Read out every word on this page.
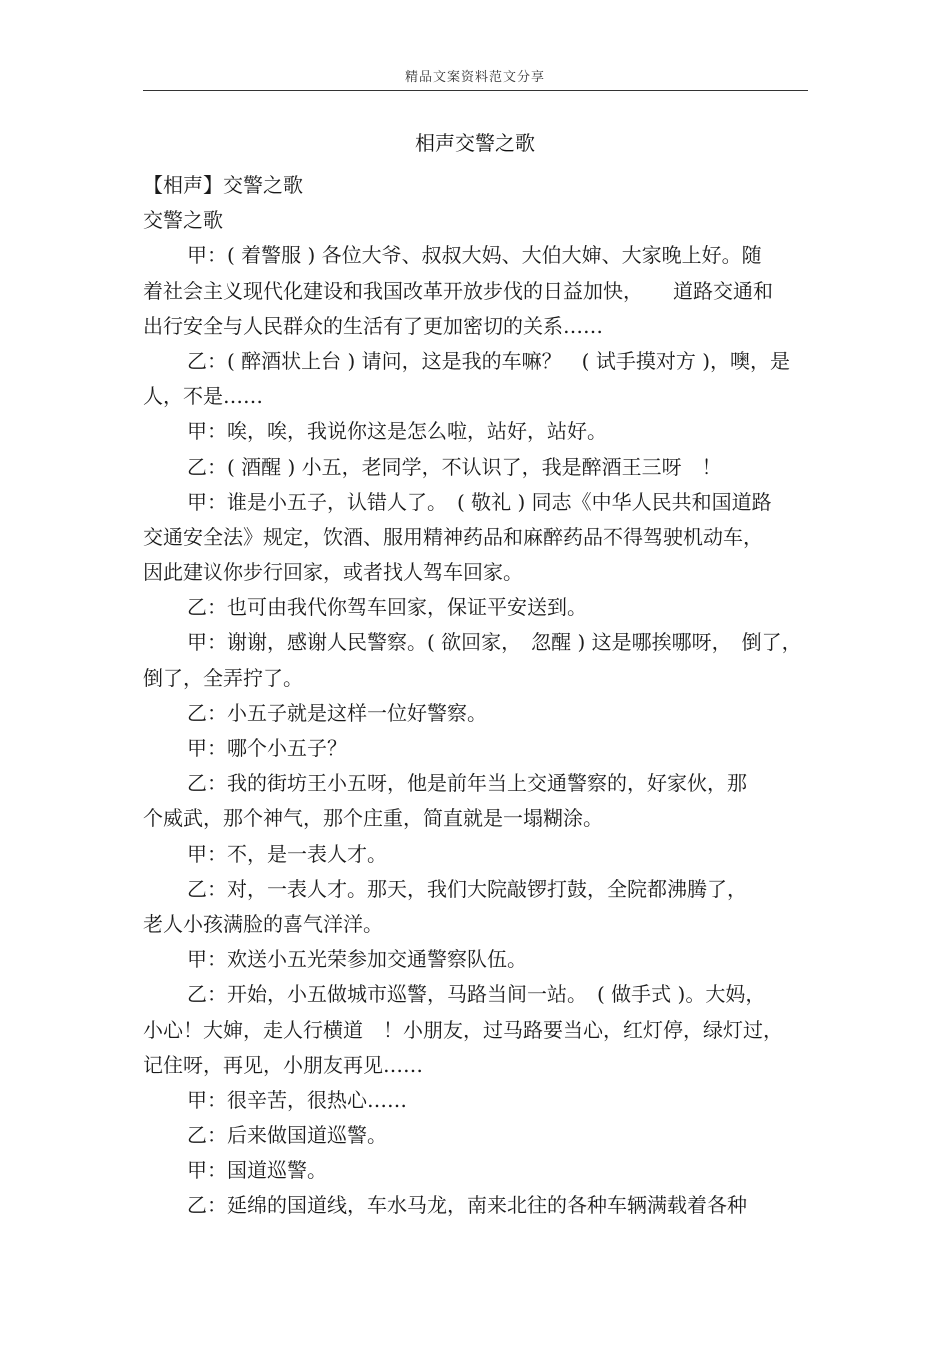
精品文案资料范文分享
相声交警之歌
【相声】交警之歌
交警之歌
甲：( 着警服 ) 各位大爷、叔叔大妈、大伯大婶、大家晚上好。随
着社会主义现代化建设和我国改革开放步伐的日益加快，　　道路交通和
出行安全与人民群众的生活有了更加密切的关系……
乙：( 醉酒状上台 ) 请问，这是我的车嘛？　( 试手摸对方 )，噢，是
人，不是……
甲：唉，唉，我说你这是怎么啦，站好，站好。
乙：( 酒醒 ) 小五，老同学，不认识了，我是醉酒王三呀　！
甲：谁是小五子，认错人了。　( 敬礼 ) 同志《中华人民共和国道路
交通安全法》规定，饮酒、服用精神药品和麻醉药品不得驾驶机动车，
因此建议你步行回家，或者找人驾车回家。
乙：也可由我代你驾车回家，保证平安送到。
甲：谢谢，感谢人民警察。( 欲回家，　忽醒 ) 这是哪挨哪呀，　倒了，
倒了，全弄拧了。
乙：小五子就是这样一位好警察。
甲：哪个小五子？
乙：我的街坊王小五呀，他是前年当上交通警察的，好家伙，那
个威武，那个神气，那个庄重，简直就是一塌糊涂。
甲：不，是一表人才。
乙：对，一表人才。那天，我们大院敲锣打鼓，全院都沸腾了，
老人小孩满脸的喜气洋洋。
甲：欢送小五光荣参加交通警察队伍。
乙：开始，小五做城市巡警，马路当间一站。　( 做手式 )。大妈，
小心！大婶，走人行横道　！小朋友，过马路要当心，红灯停，绿灯过，
记住呀，再见，小朋友再见……
甲：很辛苦，很热心……
乙：后来做国道巡警。
甲：国道巡警。
乙：延绵的国道线，车水马龙，南来北往的各种车辆满载着各种
